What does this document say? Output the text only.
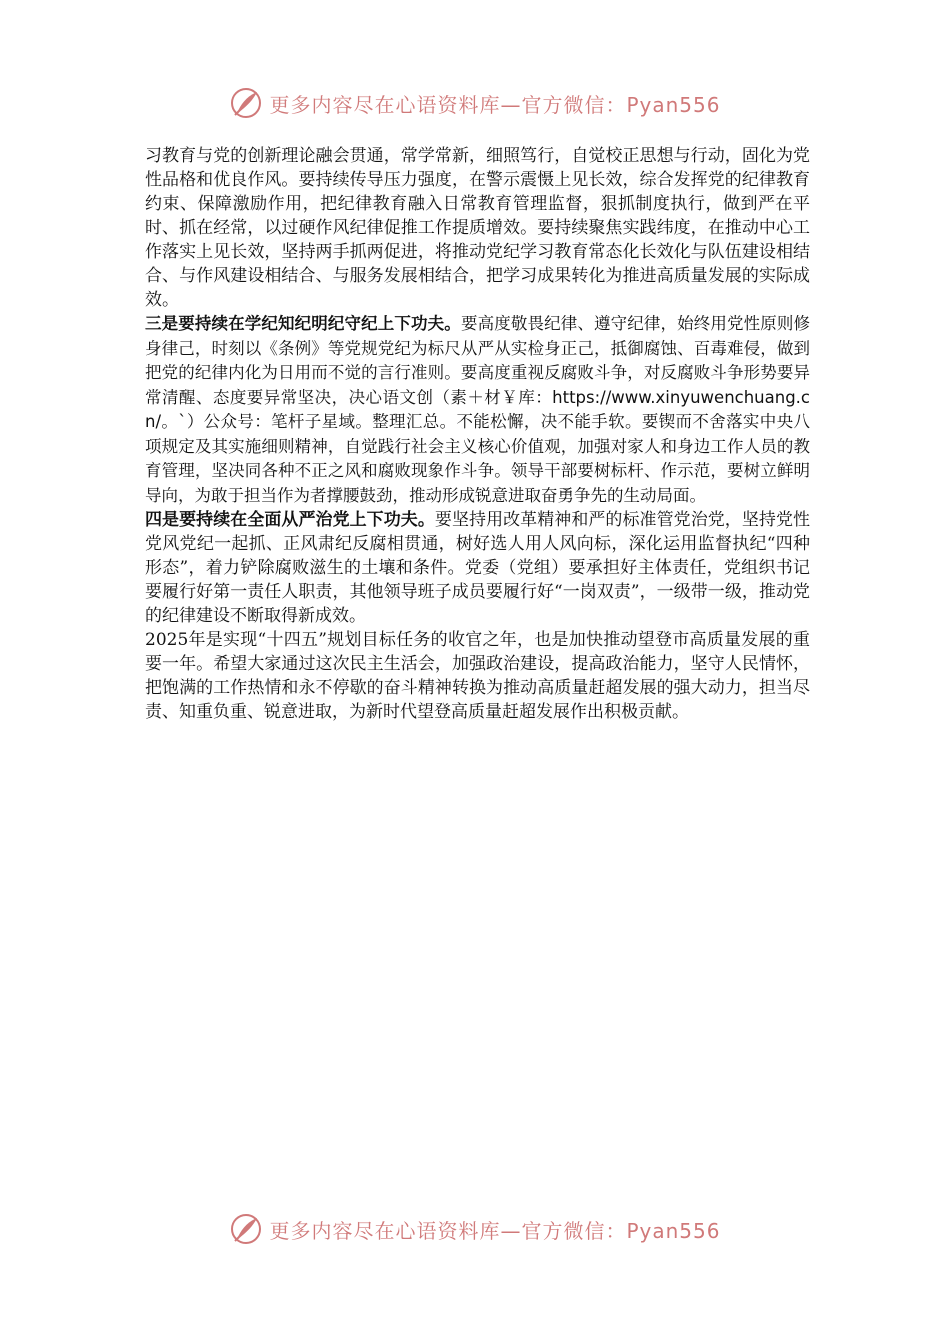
更多内容尽在心语资料库—官方微信：Pyan556

习教育与党的创新理论融会贯通，常学常新，细照笃行，自觉校正思想与行动，固化为党性品格和优良作风。要持续传导压力强度，在警示震慑上见长效，综合发挥党的纪律教育约束、保障激励作用，把纪律教育融入日常教育管理监督，狠抓制度执行，做到严在平时、抓在经常，以过硬作风纪律促推工作提质增效。要持续聚焦实践纬度，在推动中心工作落实上见长效，坚持两手抓两促进，将推动党纪学习教育常态化长效化与队伍建设相结合、与作风建设相结合、与服务发展相结合，把学习成果转化为推进高质量发展的实际成效。

三是要持续在学纪知纪明纪守纪上下功夫。要高度敬畏纪律、遵守纪律，始终用党性原则修身律己，时刻以《条例》等党规党纪为标尺从严从实检身正己，抵御腐蚀、百毒难侵，做到把党的纪律内化为日用而不觉的言行准则。要高度重视反腐败斗争，对反腐败斗争形势要异常清醒、态度要异常坚决，决心语文创（素＋材￥库：https://www.xinyuwenchuang.cn/。`）公众号：笔杆子星域。整理汇总。不能松懈，决不能手软。要锲而不舍落实中央八项规定及其实施细则精神，自觉践行社会主义核心价值观，加强对家人和身边工作人员的教育管理，坚决同各种不正之风和腐败现象作斗争。领导干部要树标杆、作示范，要树立鲜明导向，为敢于担当作为者撑腰鼓劲，推动形成锐意进取奋勇争先的生动局面。

四是要持续在全面从严治党上下功夫。要坚持用改革精神和严的标准管党治党，坚持党性党风党纪一起抓、正风肃纪反腐相贯通，树好选人用人风向标，深化运用监督执纪“四种形态”，着力铲除腐败滋生的土壤和条件。党委（党组）要承担好主体责任，党组织书记要履行好第一责任人职责，其他领导班子成员要履行好“一岗双责”，一级带一级，推动党的纪律建设不断取得新成效。

2025年是实现“十四五”规划目标任务的收官之年，也是加快推动望登市高质量发展的重要一年。希望大家通过这次民主生活会，加强政治建设，提高政治能力，坚守人民情怀，把饱满的工作热情和永不停歇的奋斗精神转换为推动高质量赶超发展的强大动力，担当尽责、知重负重、锐意进取，为新时代望登高质量赶超发展作出积极贡献。

更多内容尽在心语资料库—官方微信：Pyan556
